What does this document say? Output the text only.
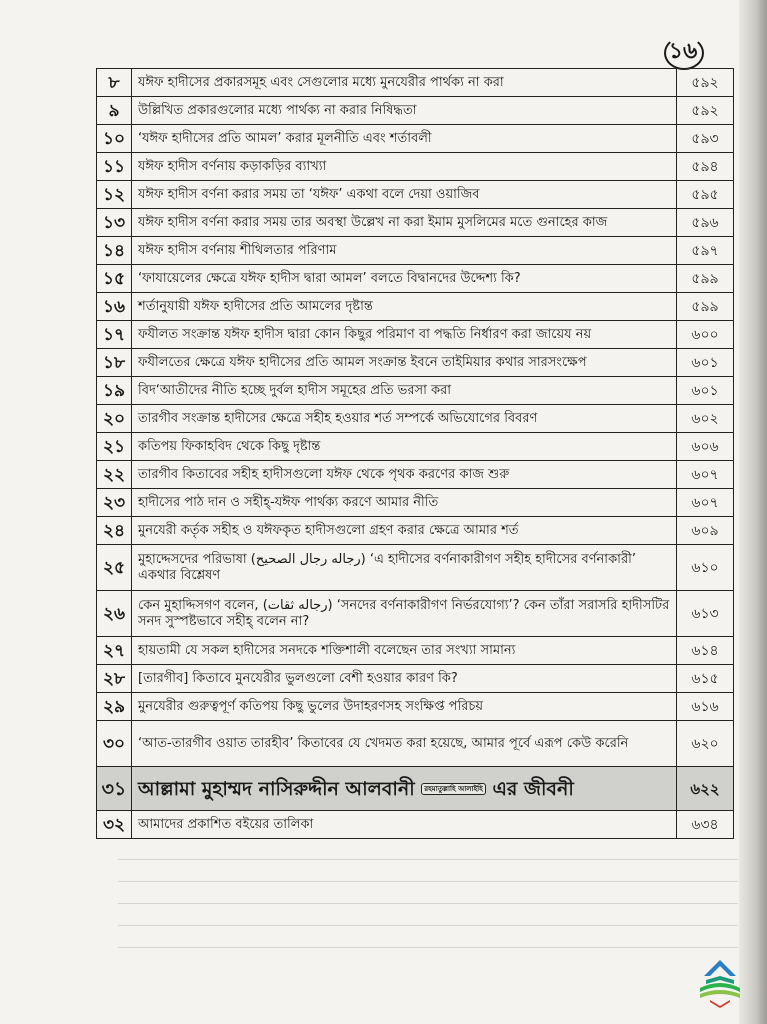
১৬
৮	যঈফ হাদীসের প্রকারসমূহ এবং সেগুলোর মধ্যে মুনযেরীর পার্থক্য না করা	৫৯২
৯	উল্লিখিত প্রকারগুলোর মধ্যে পার্থক্য না করার নিষিদ্ধতা	৫৯২
১০	‘যঈফ হাদীসের প্রতি আমল’ করার মূলনীতি এবং শর্তাবলী	৫৯৩
১১	যঈফ হাদীস বর্ণনায় কড়াকড়ির ব্যাখ্যা	৫৯৪
১২	যঈফ হাদীস বর্ণনা করার সময় তা ‘যঈফ’ একথা বলে দেয়া ওয়াজিব	৫৯৫
১৩	যঈফ হাদীস বর্ণনা করার সময় তার অবস্থা উল্লেখ না করা ইমাম মুসলিমের মতে গুনাহের কাজ	৫৯৬
১৪	যঈফ হাদীস বর্ণনায় শীথিলতার পরিণাম	৫৯৭
১৫	‘ফাযায়েলের ক্ষেত্রে যঈফ হাদীস দ্বারা আমল’ বলতে বিদ্বানদের উদ্দেশ্য কি?	৫৯৯
১৬	শর্তানুযায়ী যঈফ হাদীসের প্রতি আমলের দৃষ্টান্ত	৫৯৯
১৭	ফযীলত সংক্রান্ত যঈফ হাদীস দ্বারা কোন কিছুর পরিমাণ বা পদ্ধতি নির্ধারণ করা জায়েয নয়	৬০০
১৮	ফযীলতের ক্ষেত্রে যঈফ হাদীসের প্রতি আমল সংক্রান্ত ইবনে তাইমিয়ার কথার সারসংক্ষেপ	৬০১
১৯	বিদ‘আতীদের নীতি হচ্ছে দুর্বল হাদীস সমূহের প্রতি ভরসা করা	৬০১
২০	তারগীব সংক্রান্ত হাদীসের ক্ষেত্রে সহীহ হওয়ার শর্ত সম্পর্কে অভিযোগের বিবরণ	৬০২
২১	কতিপয় ফিকাহবিদ থেকে কিছু দৃষ্টান্ত	৬০৬
২২	তারগীব কিতাবের সহীহ হাদীসগুলো যঈফ থেকে পৃথক করণের কাজ শুরু	৬০৭
২৩	হাদীসের পাঠ দান ও সহীহ্-যঈফ পার্থক্য করণে আমার নীতি	৬০৭
২৪	মুনযেরী কর্তৃক সহীহ ও যঈফকৃত হাদীসগুলো গ্রহণ করার ক্ষেত্রে আমার শর্ত	৬০৯
২৫	মুহাদ্দেসদের পরিভাষা (رجاله رجال الصحيح) ‘এ হাদীসের বর্ণনাকারীগণ সহীহ হাদীসের বর্ণনাকারী’ একথার বিশ্লেষণ	৬১০
২৬	কেন মুহাদ্দিসগণ বলেন, (رجاله ثقات) ‘সনদের বর্ণনাকারীগণ নির্ভরযোগ্য’? কেন তাঁরা সরাসরি হাদীসটির সনদ সুস্পষ্টভাবে সহীহ্ বলেন না?	৬১৩
২৭	হায়তামী যে সকল হাদীসের সনদকে শক্তিশালী বলেছেন তার সংখ্যা সামান্য	৬১৪
২৮	[তারগীব] কিতাবে মুনযেরীর ভুলগুলো বেশী হওয়ার কারণ কি?	৬১৫
২৯	মুনযেরীর গুরুত্বপূর্ণ কতিপয় কিছু ভুলের উদাহরণসহ সংক্ষিপ্ত পরিচয়	৬১৬
৩০	‘আত-তারগীব ওয়াত তারহীব’ কিতাবের যে খেদমত করা হয়েছে, আমার পূর্বে এরূপ কেউ করেনি	৬২০
৩১	আল্লামা মুহাম্মদ নাসিরুদ্দীন আলবানী রহমাতুল্লাহি আলাইহি এর জীবনী	৬২২
৩২	আমাদের প্রকাশিত বইয়ের তালিকা	৬৩৪
